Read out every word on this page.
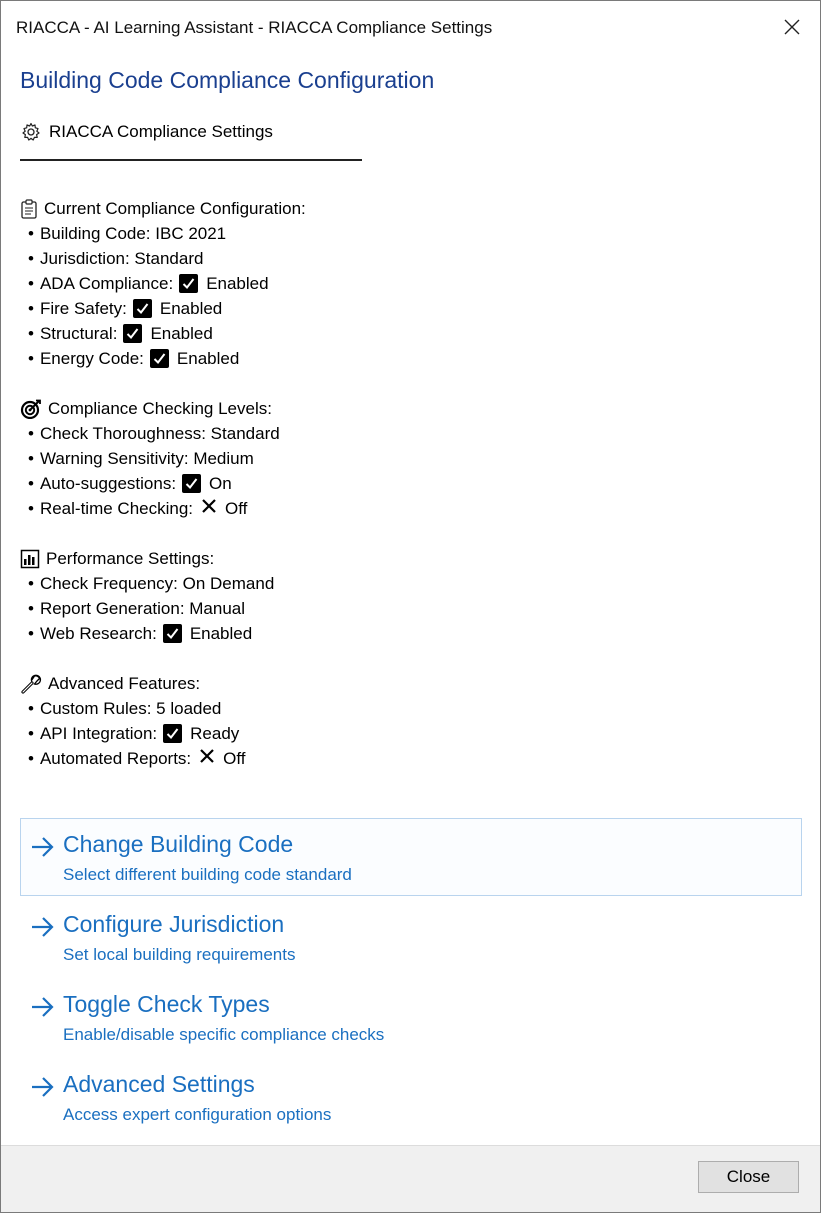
RIACCA - AI Learning Assistant - RIACCA Compliance Settings
Building Code Compliance Configuration
RIACCA Compliance Settings
Current Compliance Configuration:
• Building Code: IBC 2021
• Jurisdiction: Standard
• ADA Compliance: Enabled
• Fire Safety: Enabled
• Structural: Enabled
• Energy Code: Enabled
Compliance Checking Levels:
• Check Thoroughness: Standard
• Warning Sensitivity: Medium
• Auto-suggestions: On
• Real-time Checking: Off
Performance Settings:
• Check Frequency: On Demand
• Report Generation: Manual
• Web Research: Enabled
Advanced Features:
• Custom Rules: 5 loaded
• API Integration: Ready
• Automated Reports: Off
Change Building Code
Select different building code standard
Configure Jurisdiction
Set local building requirements
Toggle Check Types
Enable/disable specific compliance checks
Advanced Settings
Access expert configuration options
Close
